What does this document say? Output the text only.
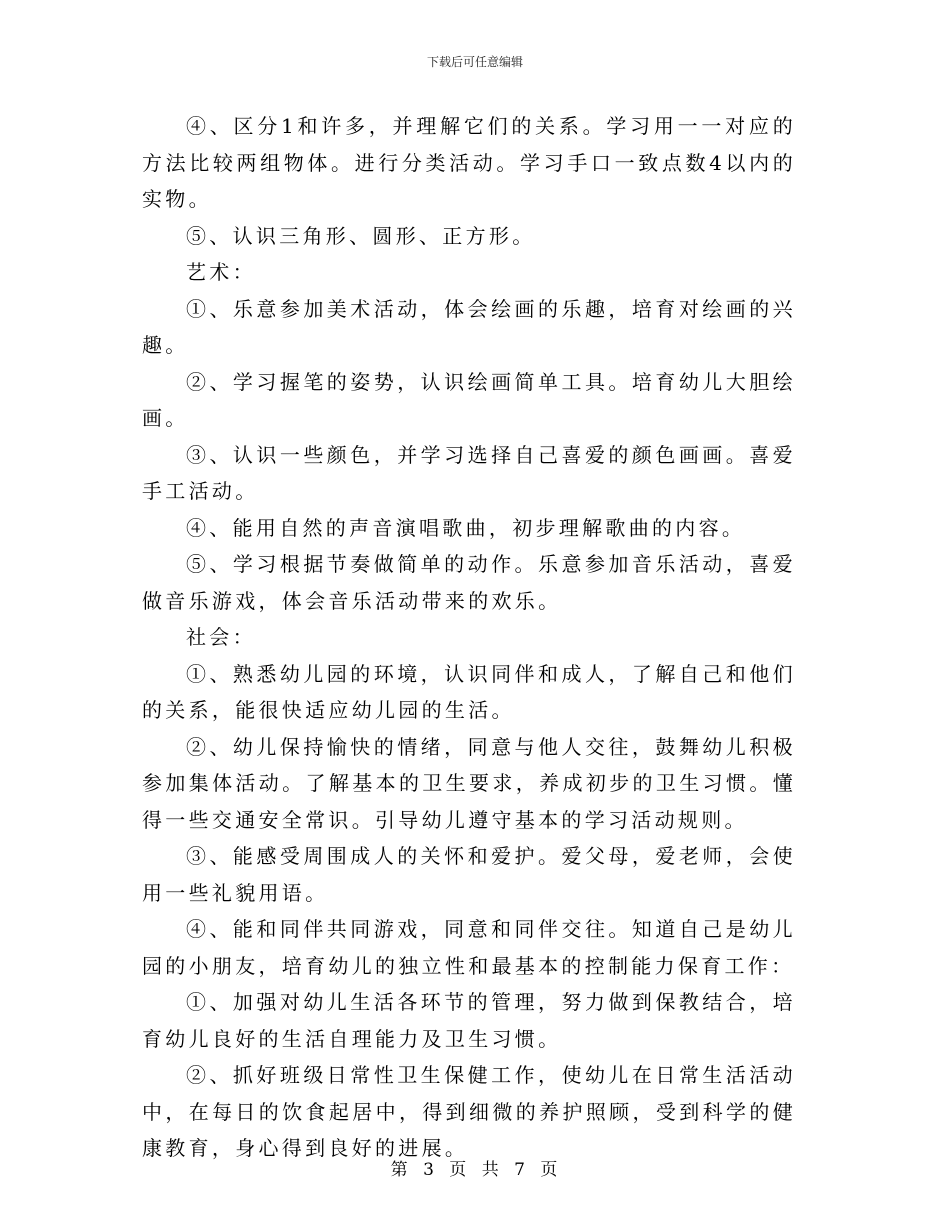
下载后可任意编辑

④、区分1和许多，并理解它们的关系。学习用一一对应的方法比较两组物体。进行分类活动。学习手口一致点数4以内的实物。

⑤、认识三角形、圆形、正方形。

艺术：

①、乐意参加美术活动，体会绘画的乐趣，培育对绘画的兴趣。

②、学习握笔的姿势，认识绘画简单工具。培育幼儿大胆绘画。

③、认识一些颜色，并学习选择自己喜爱的颜色画画。喜爱手工活动。

④、能用自然的声音演唱歌曲，初步理解歌曲的内容。

⑤、学习根据节奏做简单的动作。乐意参加音乐活动，喜爱做音乐游戏，体会音乐活动带来的欢乐。

社会：

①、熟悉幼儿园的环境，认识同伴和成人，了解自己和他们的关系，能很快适应幼儿园的生活。

②、幼儿保持愉快的情绪，同意与他人交往，鼓舞幼儿积极参加集体活动。了解基本的卫生要求，养成初步的卫生习惯。懂得一些交通安全常识。引导幼儿遵守基本的学习活动规则。

③、能感受周围成人的关怀和爱护。爱父母，爱老师，会使用一些礼貌用语。

④、能和同伴共同游戏，同意和同伴交往。知道自己是幼儿园的小朋友，培育幼儿的独立性和最基本的控制能力保育工作：

①、加强对幼儿生活各环节的管理，努力做到保教结合，培育幼儿良好的生活自理能力及卫生习惯。

②、抓好班级日常性卫生保健工作，使幼儿在日常生活活动中，在每日的饮食起居中，得到细微的养护照顾，受到科学的健康教育，身心得到良好的进展。

第 3 页 共 7 页
